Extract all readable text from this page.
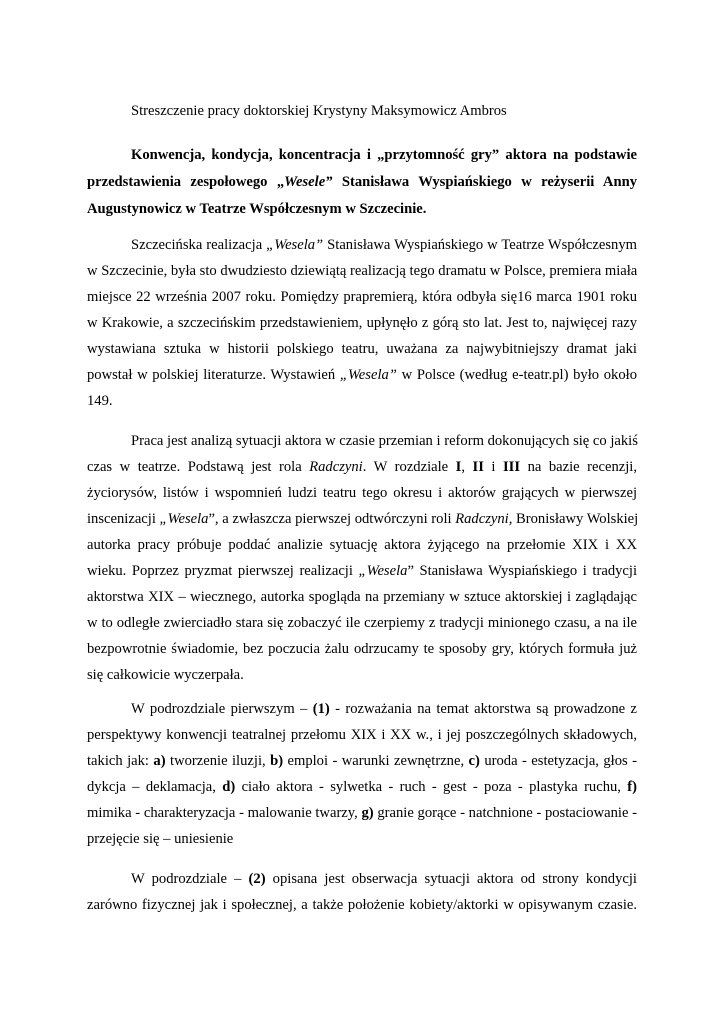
Streszczenie pracy doktorskiej Krystyny Maksymowicz Ambros
Konwencja, kondycja, koncentracja i „przytomność gry” aktora na podstawie
przedstawienia zespołowego „Wesele” Stanisława Wyspiańskiego w reżyserii Anny
Augustynowicz w Teatrze Współczesnym w Szczecinie.
Szczecińska realizacja „Wesela” Stanisława Wyspiańskiego w Teatrze Współczesnym
w Szczecinie, była sto dwudziesto dziewiątą realizacją tego dramatu w Polsce, premiera miała
miejsce 22 września 2007 roku. Pomiędzy prapremierą, która odbyła się16 marca 1901 roku
w Krakowie, a szczecińskim przedstawieniem, upłynęło z górą sto lat. Jest to, najwięcej razy
wystawiana sztuka w historii polskiego teatru, uważana za najwybitniejszy dramat jaki
powstał w polskiej literaturze. Wystawień „Wesela” w Polsce (według e-teatr.pl) było około
149.
Praca jest analizą sytuacji aktora w czasie przemian i reform dokonujących się co jakiś
czas w teatrze. Podstawą jest rola Radczyni. W rozdziale I, II i III na bazie recenzji,
życiorysów, listów i wspomnień ludzi teatru tego okresu i aktorów grających w pierwszej
inscenizacji „Wesela”, a zwłaszcza pierwszej odtwórczyni roli Radczyni, Bronisławy Wolskiej
autorka pracy próbuje poddać analizie sytuację aktora żyjącego na przełomie XIX i XX
wieku. Poprzez pryzmat pierwszej realizacji „Wesela” Stanisława Wyspiańskiego i tradycji
aktorstwa XIX – wiecznego, autorka spogląda na przemiany w sztuce aktorskiej i zaglądając
w to odległe zwierciadło stara się zobaczyć ile czerpiemy z tradycji minionego czasu, a na ile
bezpowrotnie świadomie, bez poczucia żalu odrzucamy te sposoby gry, których formuła już
się całkowicie wyczerpała.
W podrozdziale pierwszym – (1) - rozważania na temat aktorstwa są prowadzone z
perspektywy konwencji teatralnej przełomu XIX i XX w., i jej poszczególnych składowych,
takich jak: a) tworzenie iluzji, b) emploi - warunki zewnętrzne, c) uroda - estetyzacja, głos -
dykcja – deklamacja, d) ciało aktora - sylwetka - ruch - gest - poza - plastyka ruchu, f)
mimika - charakteryzacja - malowanie twarzy, g) granie gorące - natchnione - postaciowanie -
przejęcie się – uniesienie
W podrozdziale – (2) opisana jest obserwacja sytuacji aktora od strony kondycji
zarówno fizycznej jak i społecznej, a także położenie kobiety/aktorki w opisywanym czasie.
